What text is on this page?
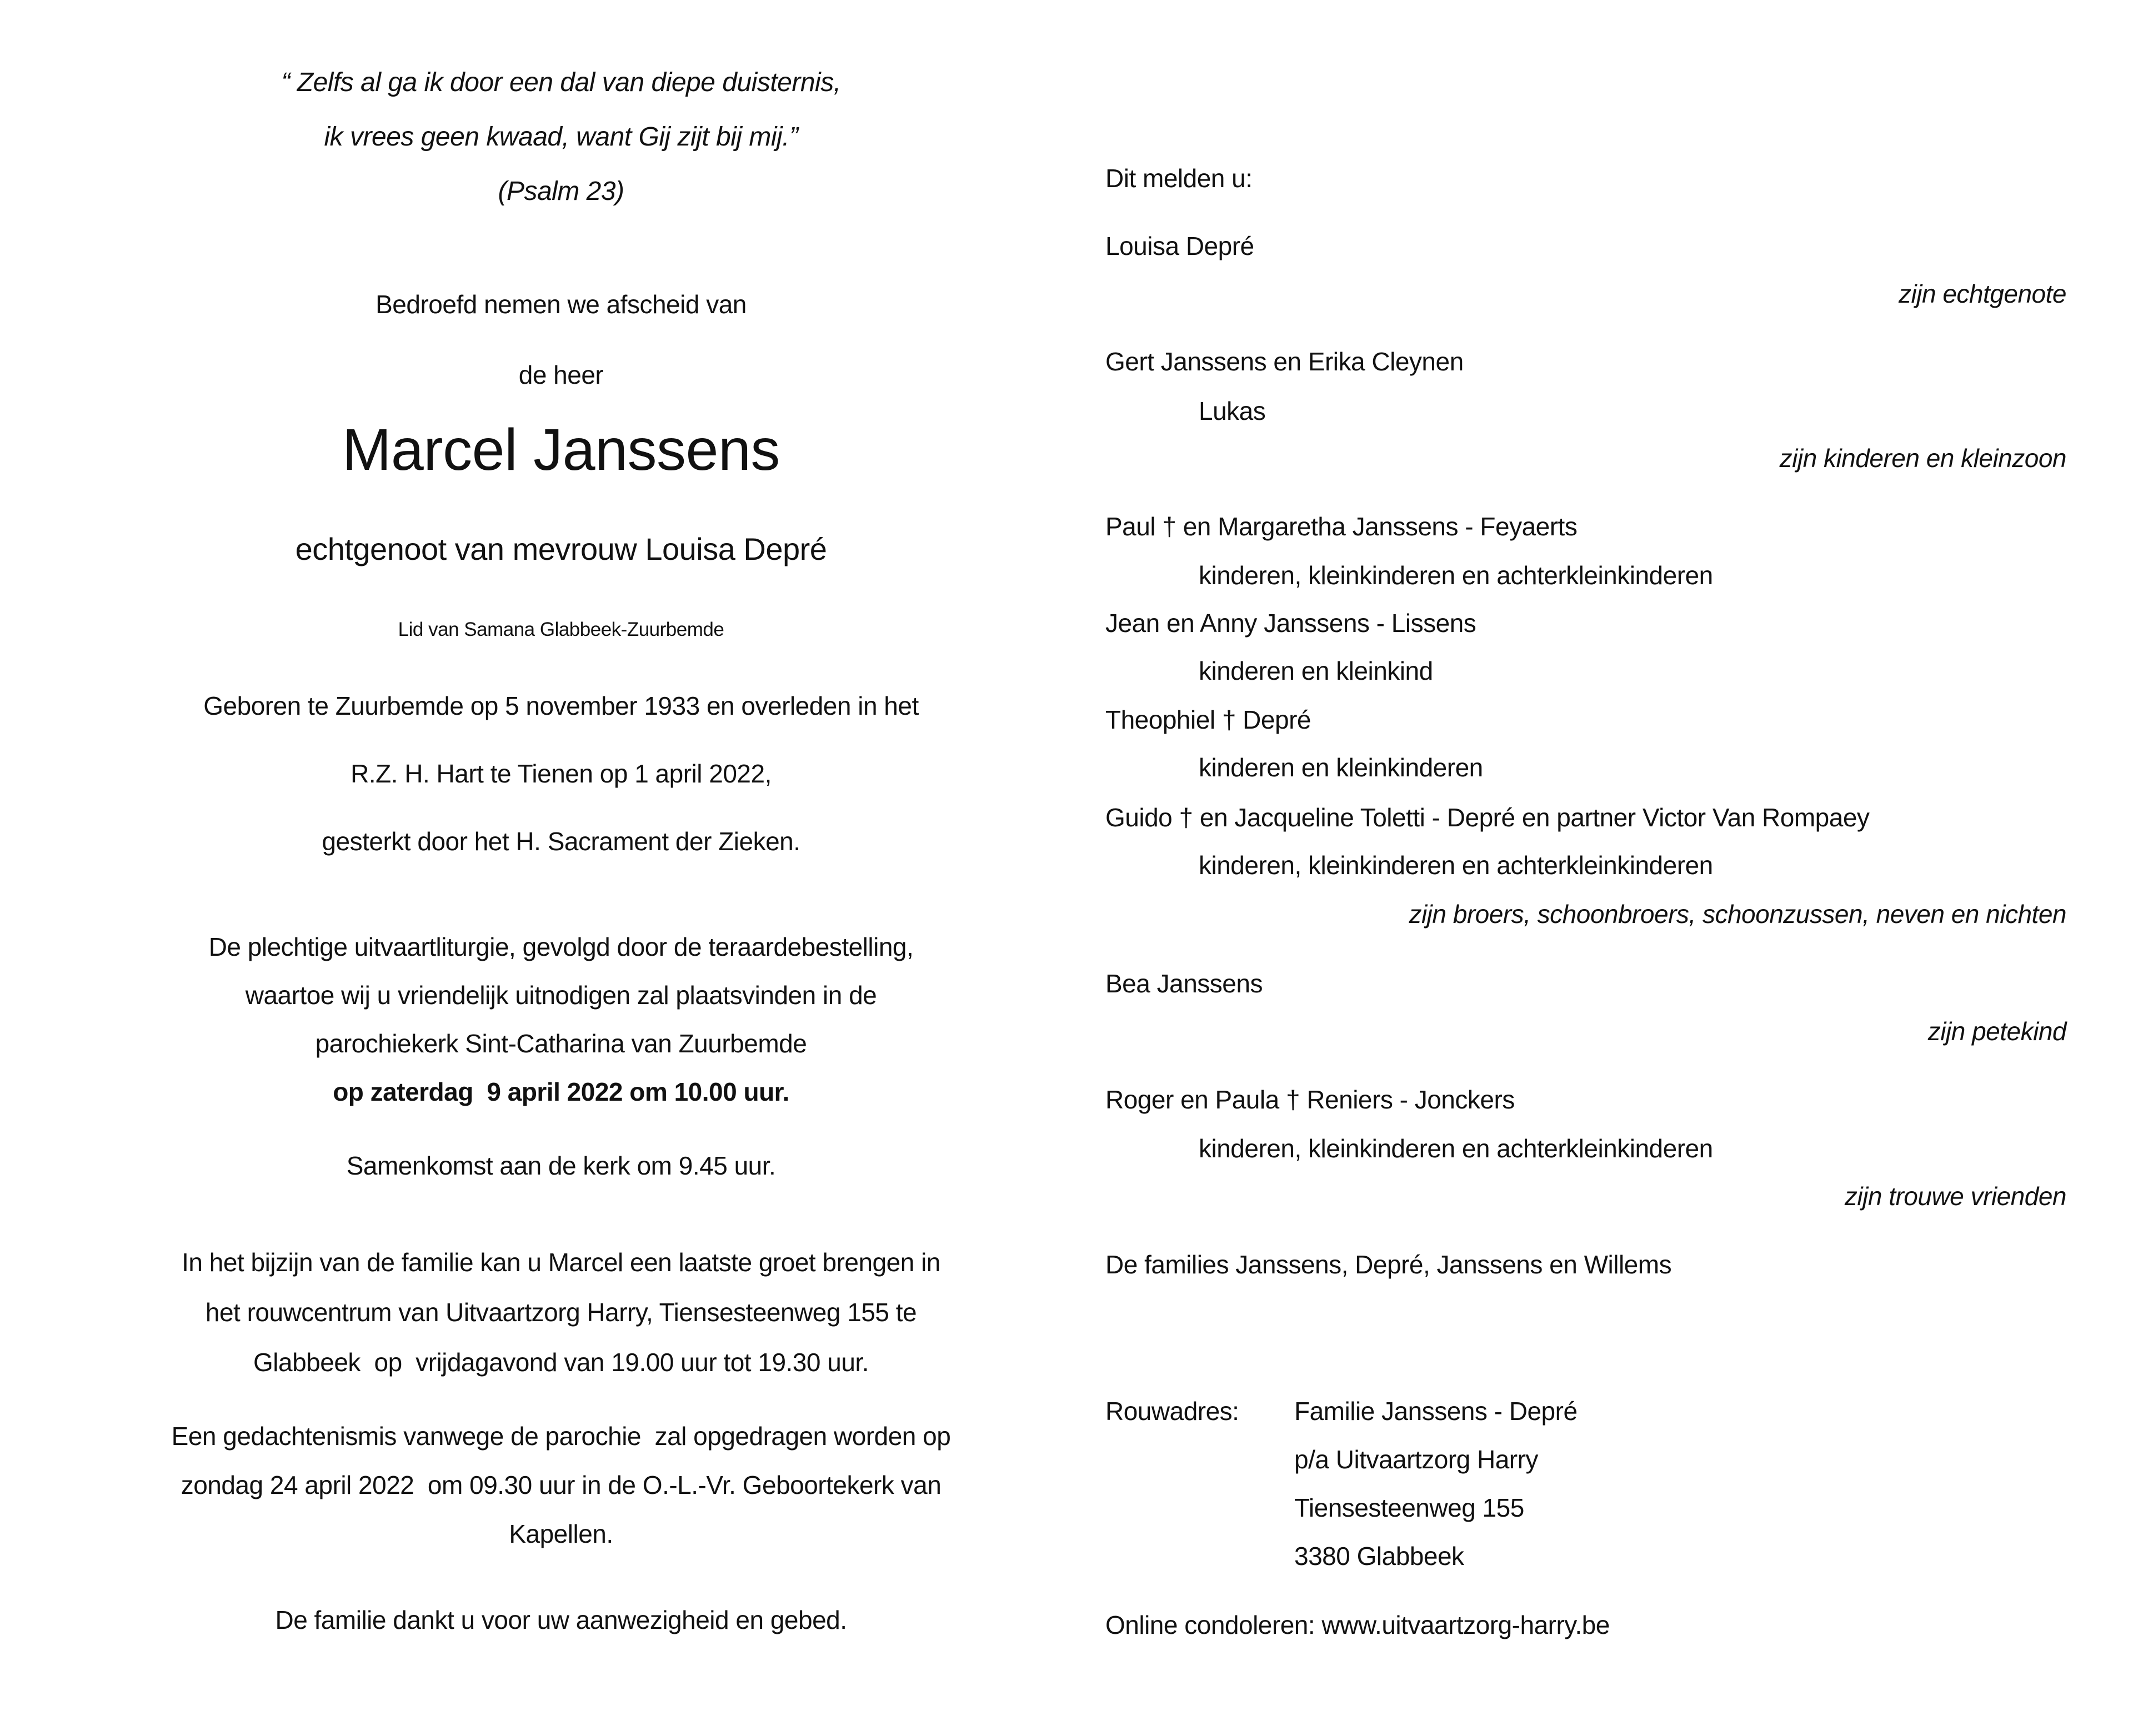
“ Zelfs al ga ik door een dal van diepe duisternis,
ik vrees geen kwaad, want Gij zijt bij mij.”
(Psalm 23)
Bedroefd nemen we afscheid van
de heer
Marcel Janssens
echtgenoot van mevrouw Louisa Depré
Lid van Samana Glabbeek-Zuurbemde
Geboren te Zuurbemde op 5 november 1933 en overleden in het
R.Z. H. Hart te Tienen op 1 april 2022,
gesterkt door het H. Sacrament der Zieken.
De plechtige uitvaartliturgie, gevolgd door de teraardebestelling,
waartoe wij u vriendelijk uitnodigen zal plaatsvinden in de
parochiekerk Sint-Catharina van Zuurbemde
op zaterdag  9 april 2022 om 10.00 uur.
Samenkomst aan de kerk om 9.45 uur.
In het bijzijn van de familie kan u Marcel een laatste groet brengen in
het rouwcentrum van Uitvaartzorg Harry, Tiensesteenweg 155 te
Glabbeek  op  vrijdagavond van 19.00 uur tot 19.30 uur.
Een gedachtenismis vanwege de parochie  zal opgedragen worden op
zondag 24 april 2022  om 09.30 uur in de O.-L.-Vr. Geboortekerk van
Kapellen.
De familie dankt u voor uw aanwezigheid en gebed.
Dit melden u:
Louisa Depré
zijn echtgenote
Gert Janssens en Erika Cleynen
Lukas
zijn kinderen en kleinzoon
Paul † en Margaretha Janssens - Feyaerts
kinderen, kleinkinderen en achterkleinkinderen
Jean en Anny Janssens - Lissens
kinderen en kleinkind
Theophiel † Depré
kinderen en kleinkinderen
Guido † en Jacqueline Toletti - Depré en partner Victor Van Rompaey
kinderen, kleinkinderen en achterkleinkinderen
zijn broers, schoonbroers, schoonzussen, neven en nichten
Bea Janssens
zijn petekind
Roger en Paula † Reniers - Jonckers
kinderen, kleinkinderen en achterkleinkinderen
zijn trouwe vrienden
De families Janssens, Depré, Janssens en Willems
Rouwadres: Familie Janssens - Depré
p/a Uitvaartzorg Harry
Tiensesteenweg 155
3380 Glabbeek
Online condoleren: www.uitvaartzorg-harry.be
